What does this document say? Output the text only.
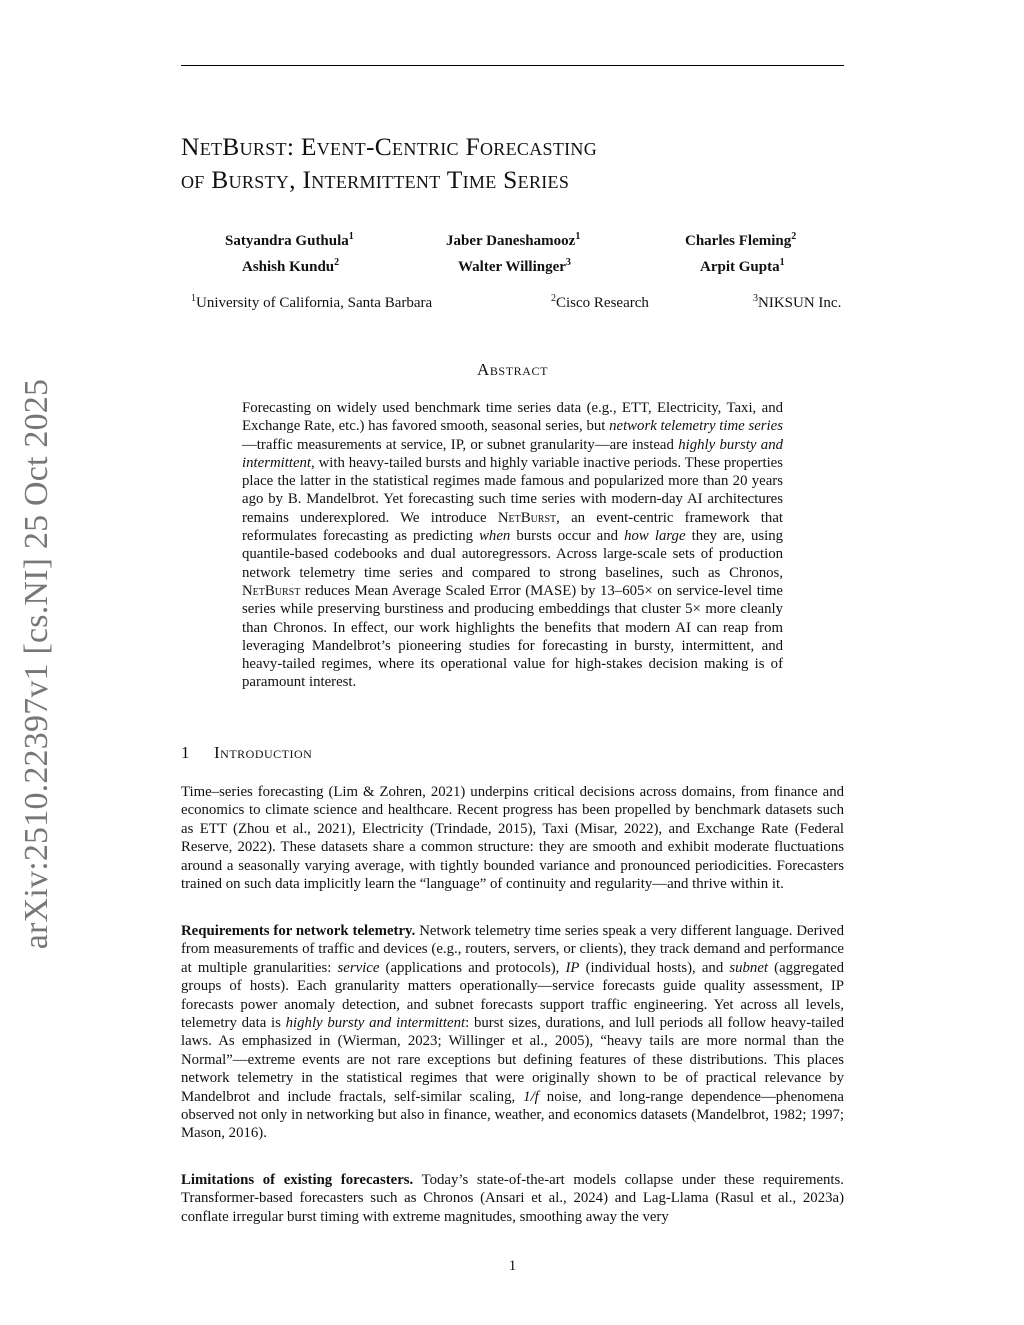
arXiv:2510.22397v1 [cs.NI] 25 Oct 2025
NetBurst: Event-Centric Forecasting
of Bursty, Intermittent Time Series
Satyandra Guthula$^1$	Jaber Daneshamooz$^1$	Charles Fleming$^2$
Ashish Kundu$^2$	Walter Willinger$^3$	Arpit Gupta$^1$
$^1$University of California, Santa Barbara	$^2$Cisco Research	$^3$NIKSUN Inc.
Abstract
Forecasting on widely used benchmark time series data (e.g., ETT, Electricity, Taxi, and Exchange Rate, etc.) has favored smooth, seasonal series, but network telemetry time series—traffic measurements at service, IP, or subnet granularity—are instead highly bursty and intermittent, with heavy-tailed bursts and highly variable inactive periods. These properties place the latter in the statistical regimes made famous and popularized more than 20 years ago by B. Mandelbrot. Yet forecasting such time series with modern-day AI architectures remains underexplored. We introduce NetBurst, an event-centric framework that reformulates forecasting as predicting when bursts occur and how large they are, using quantile-based codebooks and dual autoregressors. Across large-scale sets of production network telemetry time series and compared to strong baselines, such as Chronos, NetBurst reduces Mean Average Scaled Error (MASE) by 13–605× on service-level time series while preserving burstiness and producing embeddings that cluster 5× more cleanly than Chronos. In effect, our work highlights the benefits that modern AI can reap from leveraging Mandelbrot’s pioneering studies for forecasting in bursty, intermittent, and heavy-tailed regimes, where its operational value for high-stakes decision making is of paramount interest.
1 Introduction

Time–series forecasting (Lim & Zohren, 2021) underpins critical decisions across domains, from finance and economics to climate science and healthcare. Recent progress has been propelled by benchmark datasets such as ETT (Zhou et al., 2021), Electricity (Trindade, 2015), Taxi (Misar, 2022), and Exchange Rate (Federal Reserve, 2022). These datasets share a common structure: they are smooth and exhibit moderate fluctuations around a seasonally varying average, with tightly bounded variance and pronounced periodicities. Forecasters trained on such data implicitly learn the “language” of continuity and regularity—and thrive within it.

Requirements for network telemetry. Network telemetry time series speak a very different language. Derived from measurements of traffic and devices (e.g., routers, servers, or clients), they track demand and performance at multiple granularities: service (applications and protocols), IP (individual hosts), and subnet (aggregated groups of hosts). Each granularity matters operationally—service forecasts guide quality assessment, IP forecasts power anomaly detection, and subnet forecasts support traffic engineering. Yet across all levels, telemetry data is highly bursty and intermittent: burst sizes, durations, and lull periods all follow heavy-tailed laws. As emphasized in (Wierman, 2023; Willinger et al., 2005), “heavy tails are more normal than the Normal”—extreme events are not rare exceptions but defining features of these distributions. This places network telemetry in the statistical regimes that were originally shown to be of practical relevance by Mandelbrot and include fractals, self-similar scaling, 1/f noise, and long-range dependence—phenomena observed not only in networking but also in finance, weather, and economics datasets (Mandelbrot, 1982; 1997; Mason, 2016).

Limitations of existing forecasters. Today’s state-of-the-art models collapse under these requirements. Transformer-based forecasters such as Chronos (Ansari et al., 2024) and Lag-Llama (Rasul et al., 2023a) conflate irregular burst timing with extreme magnitudes, smoothing away the very

1
